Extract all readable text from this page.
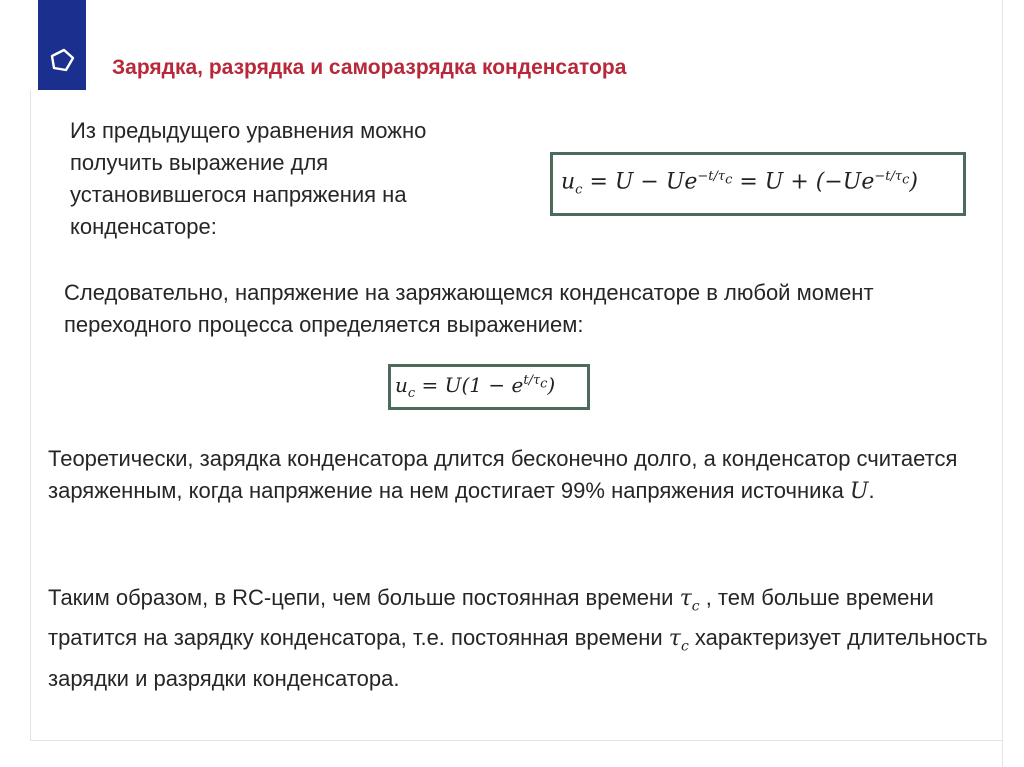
Зарядка, разрядка и саморазрядка конденсатора
Из предыдущего уравнения можно получить выражение для установившегося напряжения на конденсаторе:
$u_c = U - Ue^{-t/\tau_c} = U + (-Ue^{-t/\tau_c})$
Следовательно, напряжение на заряжающемся конденсаторе в любой момент переходного процесса определяется выражением:
$u_c = U(1 - e^{t/\tau_c})$
Теоретически, зарядка конденсатора длится бесконечно долго, а конденсатор считается заряженным, когда напряжение на нем достигает 99% напряжения источника U.
Таким образом, в RC-цепи, чем больше постоянная времени $\tau_c$ , тем больше времени тратится на зарядку конденсатора, т.е. постоянная времени $\tau_c$ характеризует длительность зарядки и разрядки конденсатора.
